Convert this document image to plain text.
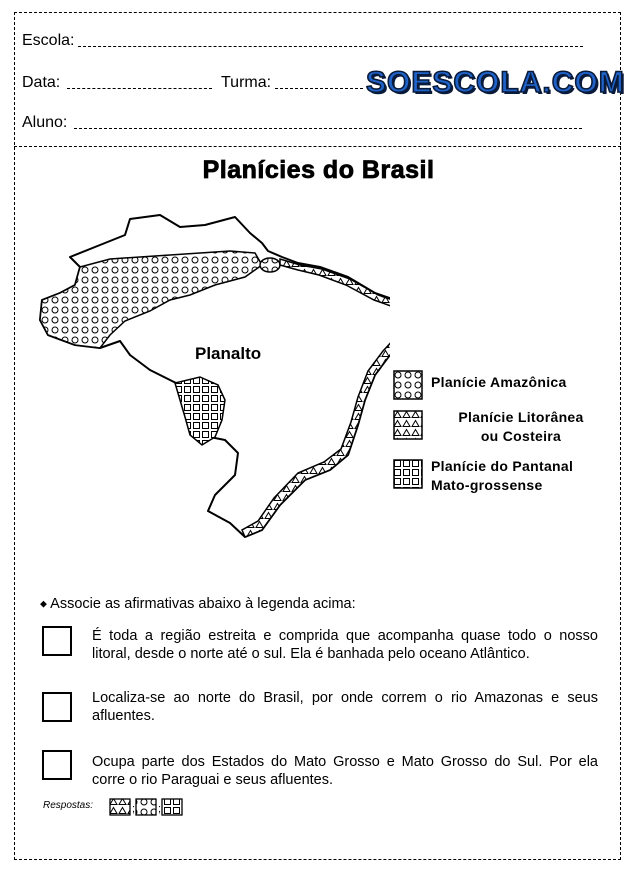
Escola:
Data:	Turma:	SOESCOLA.COM
Aluno:
Planícies do Brasil
Planalto
Planície Amazônica
Planície Litorânea
ou Costeira
Planície do Pantanal
Mato-grossense
◆ Associe as afirmativas abaixo à legenda acima:
É toda a região estreita e comprida que acompanha quase todo o nosso litoral, desde o norte até o sul. Ela é banhada pelo oceano Atlântico.
Localiza-se ao norte do Brasil, por onde correm o rio Amazonas e seus afluentes.
Ocupa parte dos Estados do Mato Grosso e Mato Grosso do Sul. Por ela corre o rio Paraguai e seus afluentes.
Respostas:	; ;
